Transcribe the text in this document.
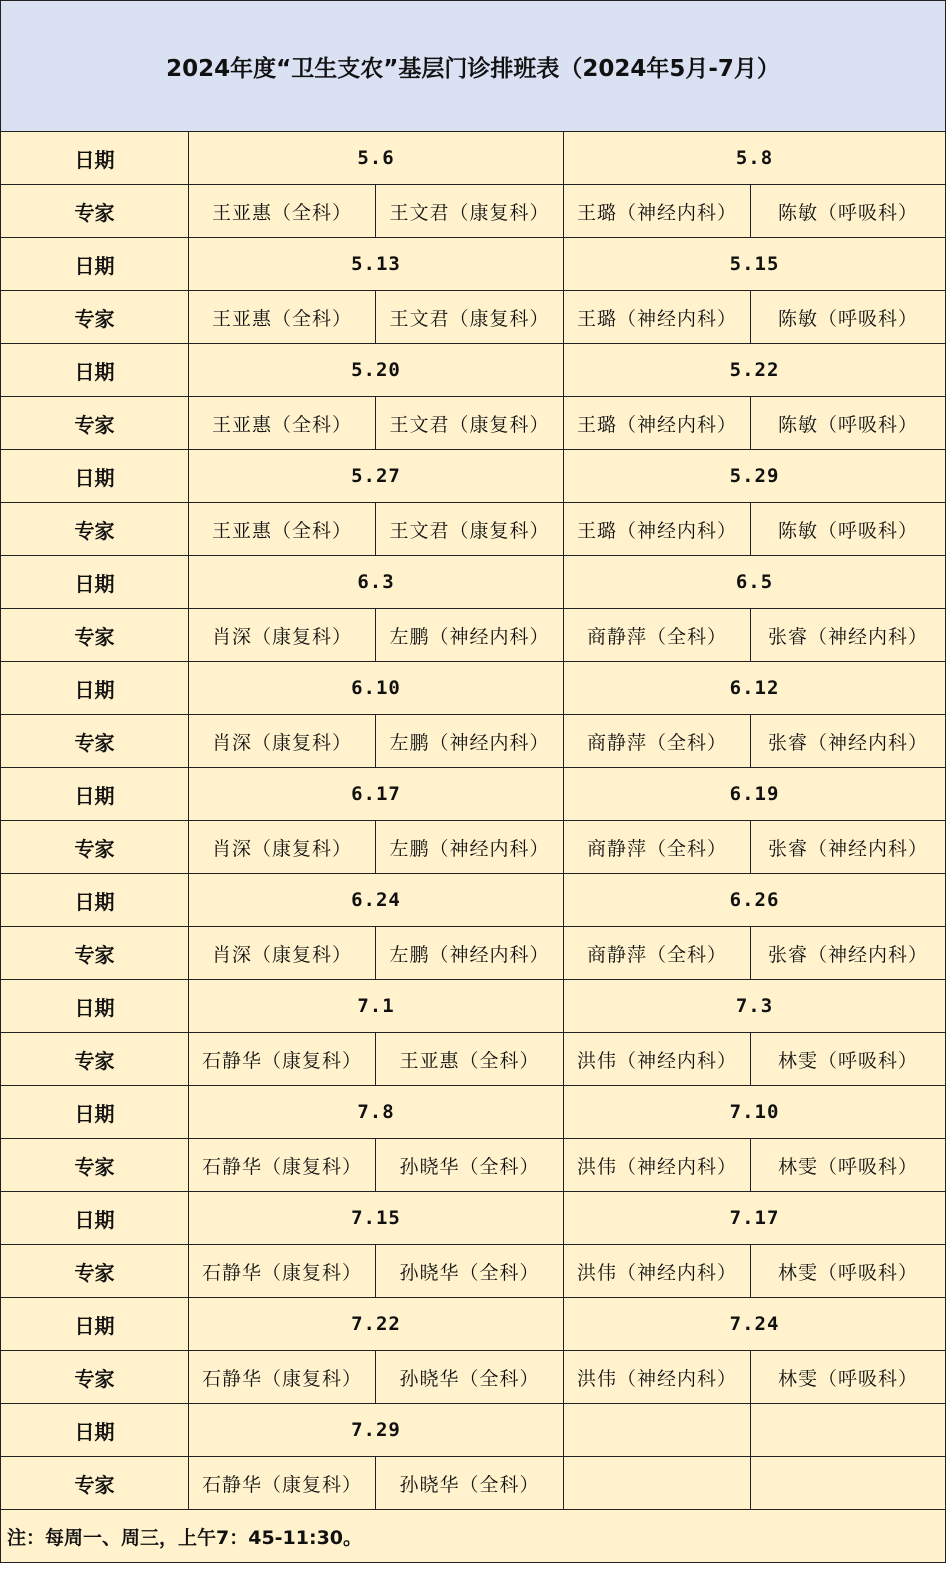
2024年度“卫生支农”基层门诊排班表（2024年5月-7月）				
日期	5.6		5.8	
专家	王亚惠（全科）	王文君（康复科）	王璐（神经内科）	陈敏（呼吸科）
日期	5.13		5.15	
专家	王亚惠（全科）	王文君（康复科）	王璐（神经内科）	陈敏（呼吸科）
日期	5.20		5.22	
专家	王亚惠（全科）	王文君（康复科）	王璐（神经内科）	陈敏（呼吸科）
日期	5.27		5.29	
专家	王亚惠（全科）	王文君（康复科）	王璐（神经内科）	陈敏（呼吸科）
日期	6.3		6.5	
专家	肖深（康复科）	左鹏（神经内科）	商静萍（全科）	张睿（神经内科）
日期	6.10		6.12	
专家	肖深（康复科）	左鹏（神经内科）	商静萍（全科）	张睿（神经内科）
日期	6.17		6.19	
专家	肖深（康复科）	左鹏（神经内科）	商静萍（全科）	张睿（神经内科）
日期	6.24		6.26	
专家	肖深（康复科）	左鹏（神经内科）	商静萍（全科）	张睿（神经内科）
日期	7.1		7.3	
专家	石静华（康复科）	王亚惠（全科）	洪伟（神经内科）	林雯（呼吸科）
日期	7.8		7.10	
专家	石静华（康复科）	孙晓华（全科）	洪伟（神经内科）	林雯（呼吸科）
日期	7.15		7.17	
专家	石静华（康复科）	孙晓华（全科）	洪伟（神经内科）	林雯（呼吸科）
日期	7.22		7.24	
专家	石静华（康复科）	孙晓华（全科）	洪伟（神经内科）	林雯（呼吸科）
日期	7.29			
专家	石静华（康复科）	孙晓华（全科）		
注：每周一、周三，上午7：45-11:30。				
